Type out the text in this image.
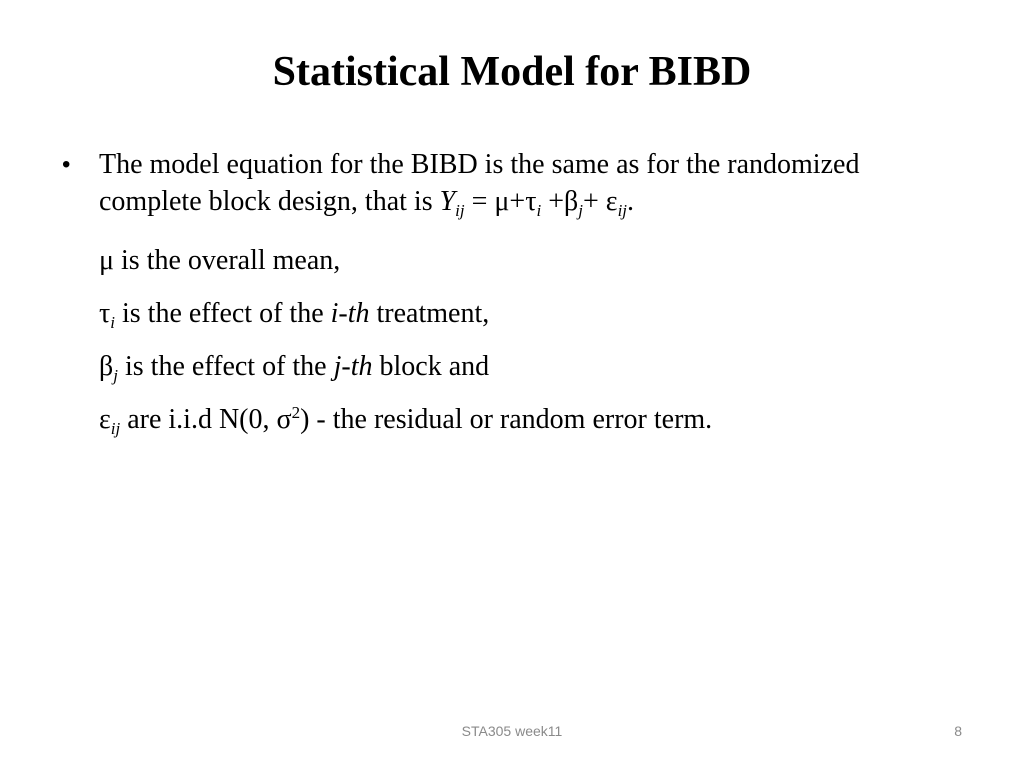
Statistical Model for BIBD
• The model equation for the BIBD is the same as for the randomized complete block design, that is $Y_{ij} = \mu+\tau_i +\beta_j+ \varepsilon_{ij}$.
μ is the overall mean,
$\tau_i$ is the effect of the i-th treatment,
$\beta_j$ is the effect of the j-th block and
$\varepsilon_{ij}$ are i.i.d N(0, $\sigma^2$) - the residual or random error term.
STA305 week11	8
